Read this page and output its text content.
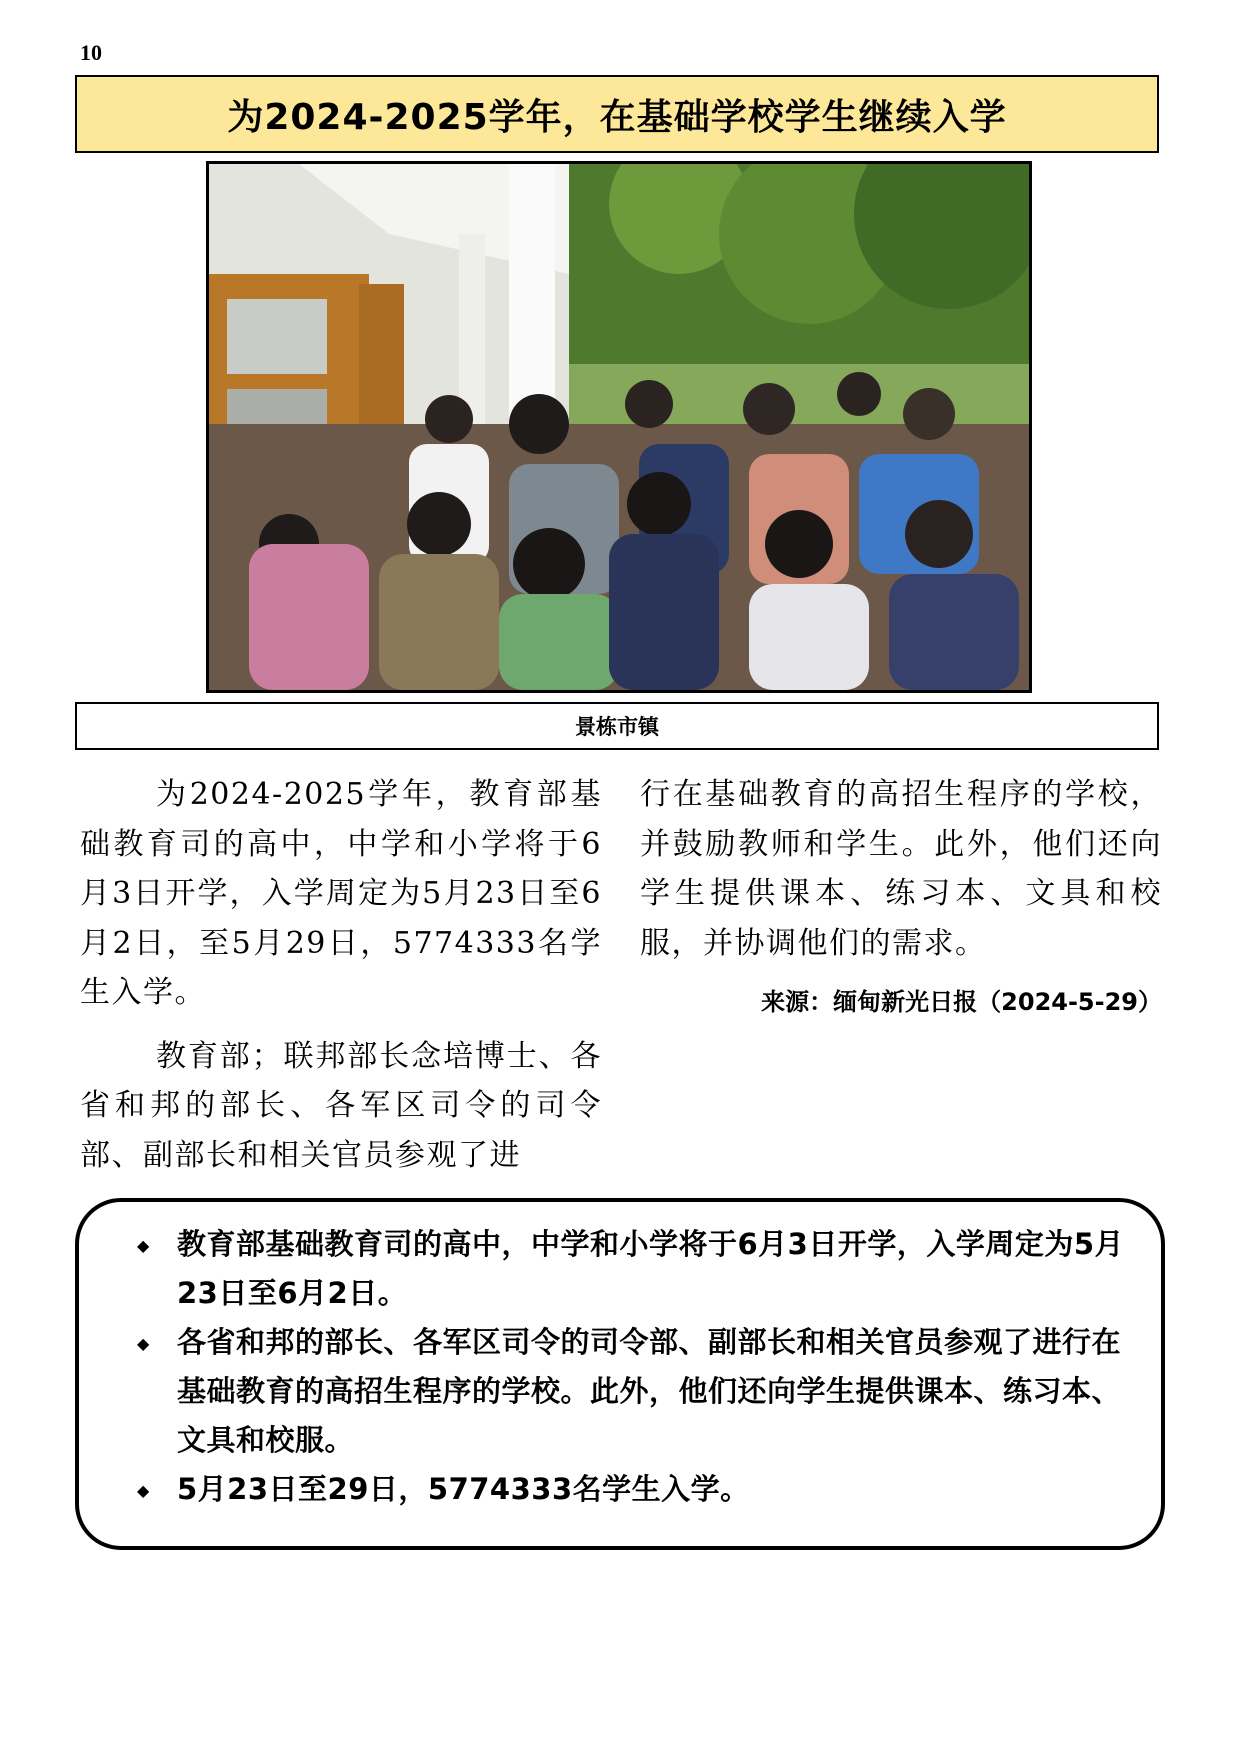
10
为2024-2025学年，在基础学校学生继续入学
景栋市镇

为2024-2025学年，教育部基础教育司的高中，中学和小学将于6月3日开学，入学周定为5月23日至6月2日，至5月29日，5774333名学生入学。

教育部；联邦部长念培博士、各省和邦的部长、各军区司令的司令部、副部长和相关官员参观了进

行在基础教育的高招生程序的学校，并鼓励教师和学生。此外，他们还向学生提供课本、练习本、文具和校服，并协调他们的需求。

来源：缅甸新光日报（2024-5-29）
◆ 教育部基础教育司的高中，中学和小学将于6月3日开学，入学周定为5月23日至6月2日。
◆ 各省和邦的部长、各军区司令的司令部、副部长和相关官员参观了进行在基础教育的高招生程序的学校。此外，他们还向学生提供课本、练习本、文具和校服。
◆ 5月23日至29日，5774333名学生入学。
